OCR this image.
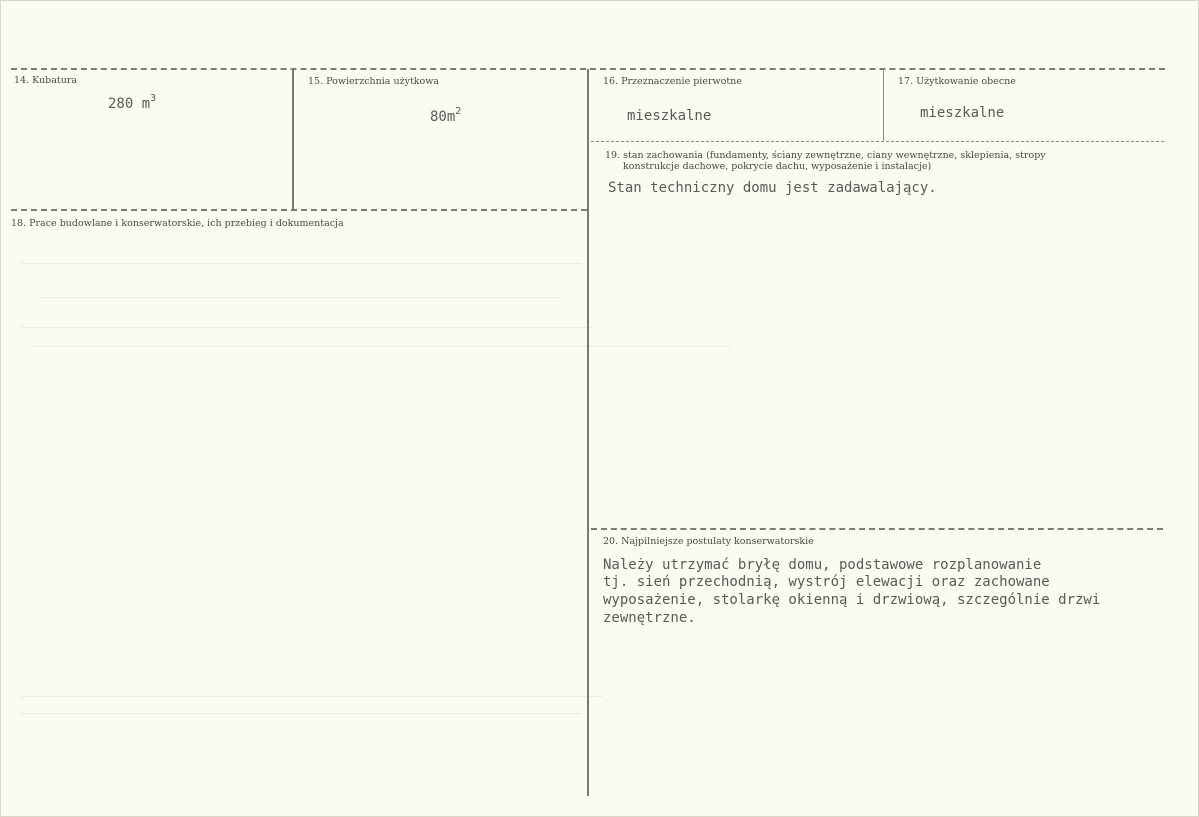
14. Kubatura
280 $m^3$
15. Powierzchnia użytkowa
$80m^2$
16. Przeznaczenie pierwotne
mieszkalne
17. Użytkowanie obecne
mieszkalne
18. Prace budowlane i konserwatorskie, ich przebieg i dokumentacja
19. stan zachowania (fundamenty, ściany zewnętrzne, ciany wewnętrzne, sklepienia, stropy
konstrukcje dachowe, pokrycie dachu, wyposażenie i instalacje)
Stan techniczny domu jest zadawalający.
20. Najpilniejsze postulaty konserwatorskie
Należy utrzymać bryłę domu, podstawowe rozplanowanie
tj. sień przechodnią, wystrój elewacji oraz zachowane
wyposażenie, stolarkę okienną i drzwiową, szczególnie drzwi
zewnętrzne.
